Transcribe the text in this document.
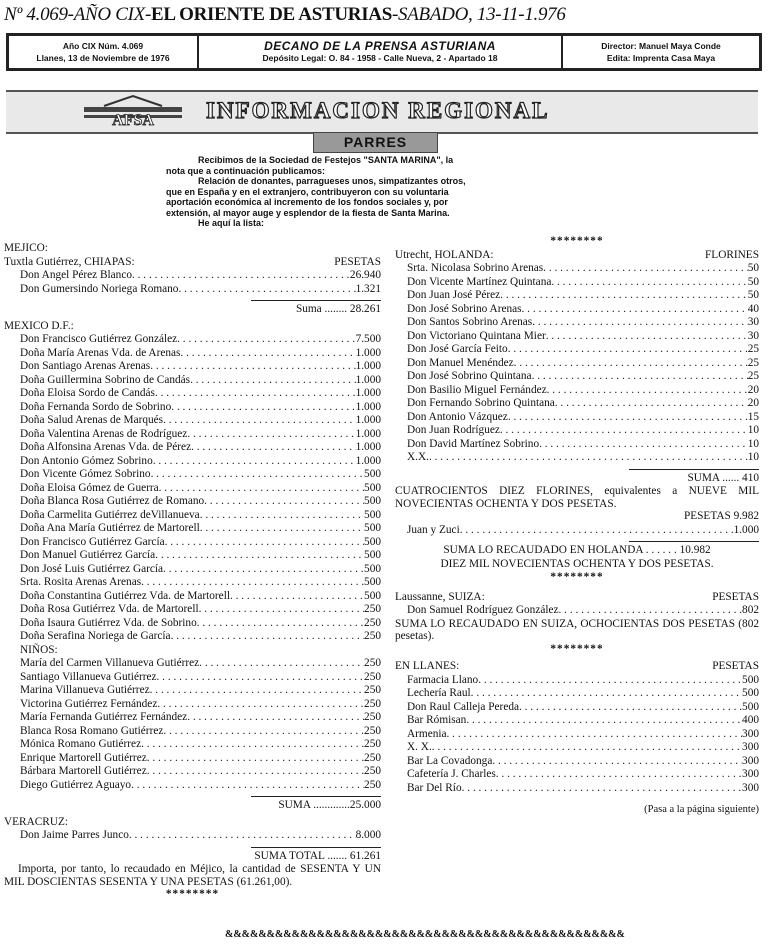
Nº 4.069-AÑO CIX-EL ORIENTE DE ASTURIAS-SABADO, 13-11-1.976
Año CIX Núm. 4.069
Llanes, 13 de Noviembre de 1976
DECANO DE LA PRENSA ASTURIANA
Depósito Legal: O. 84 - 1958 - Calle Nueva, 2 - Apartado 18
Director: Manuel Maya Conde
Edita: Imprenta Casa Maya
AFSA INFORMACION REGIONAL
PARRES
Recibimos de la Sociedad de Festejos "SANTA MARINA", la
nota que a continuación publicamos:
Relación de donantes, parragueses unos, simpatizantes otros,
que en España y en el extranjero, contribuyeron con su voluntaria
aportación económica al incremento de los fondos sociales y, por
extensión, al mayor auge y esplendor de la fiesta de Santa Marina.
He aquí la lista:
MEJICO:
Tuxtla Gutiérrez, CHIAPAS:	PESETAS
Don Angel Pérez Blanco . . .	26.940
Don Gumersindo Noriega Romano . . .	1.321
Suma ........ 28.261
MEXICO D.F.:
Don Francisco Gutiérrez González . . .	7.500
Doña María Arenas Vda. de Arenas . . .	1.000
Don Santiago Arenas Arenas . . .	1.000
Doña Guillermina Sobrino de Candás . . .	1.000
Doña Eloisa Sordo de Candás . . .	1.000
Doña Fernanda Sordo de Sobrino . . .	1.000
Doña Salud Arenas de Marqués . . .	1.000
Doña Valentina Arenas de Rodríguez . . .	1.000
Doña Alfonsina Arenas Vda. de Pérez . . .	1.000
Don Antonio Gómez Sobrino . . .	1.000
Don Vicente Gómez Sobrino . . .	500
Doña Eloisa Gómez de Guerra . . .	500
Doña Blanca Rosa Gutiérrez de Romano . . .	500
Doña Carmelita Gutiérrez deVillanueva . . .	500
Doña Ana María Gutiérrez de Martorell . . .	500
Don Francisco Gutiérrez García . . .	500
Don Manuel Gutiérrez García . . .	500
Don José Luis Gutiérrez García . . .	500
Srta. Rosita Arenas Arenas . . .	500
Doña Constantina Gutiérrez Vda. de Martorell . . .	500
Doña Rosa Gutiérrez Vda. de Martorell . . .	250
Doña Isaura Gutiérrez Vda. de Sobrino . . .	250
Doña Serafina Noriega de García . . .	250
NIÑOS:
María del Carmen Villanueva Gutiérrez . . .	250
Santiago Villanueva Gutiérrez . . .	250
Marina Villanueva Gutiérrez . . .	250
Victorina Gutiérrez Fernández . . .	250
María Fernanda Gutiérrez Fernández . . .	250
Blanca Rosa Romano Gutiérrez . . .	250
Mónica Romano Gutiérrez . . .	250
Enrique Martorell Gutiérrez . . .	250
Bárbara Martorell Gutiérrez . . .	250
Diego Gutiérrez Aguayo . . .	250
SUMA .............25.000
VERACRUZ:
Don Jaime Parres Junco . . .	8.000
SUMA TOTAL ....... 61.261
Importa, por tanto, lo recaudado en Méjico, la cantidad de SESENTA Y UN MIL DOSCIENTAS SESENTA Y UNA PESETAS (61.261,00).
********
********
Utrecht, HOLANDA:	FLORINES
Srta. Nicolasa Sobrino Arenas . . .	50
Don Vicente Martínez Quintana . . .	50
Don Juan José Pérez . . .	50
Don José Sobrino Arenas . . .	40
Don Santos Sobrino Arenas . . .	30
Don Victoriano Quintana Mier . . .	30
Don José García Feito . . .	25
Don Manuel Menéndez . . .	25
Don José Sobrino Quintana . . .	25
Don Basilio Miguel Fernández . . .	20
Don Fernando Sobrino Quintana . . .	20
Don Antonio Vázquez . . .	15
Don Juan Rodríguez . . .	10
Don David Martínez Sobrino . . .	10
X.X. . . .	10
SUMA ...... 410
CUATROCIENTOS DIEZ FLORINES, equivalentes a NUEVE MIL NOVECIENTAS OCHENTA Y DOS PESETAS.
PESETAS 9.982
Juan y Zuci . . .	1.000
SUMA LO RECAUDADO EN HOLANDA . . . . . . 10.982
DIEZ MIL NOVECIENTAS OCHENTA Y DOS PESETAS.
********
Laussanne, SUIZA:	PESETAS
Don Samuel Rodríguez González . . .	802
SUMA LO RECAUDADO EN SUIZA, OCHOCIENTAS DOS PESETAS (802 pesetas).
********
EN LLANES:	PESETAS
Farmacia Llano . . .	500
Lechería Raul . . .	500
Don Raul Calleja Pereda . . .	500
Bar Rómisan . . .	400
Armenia . . .	300
X. X. . . .	300
Bar La Covadonga . . .	300
Cafetería J. Charles . . .	300
Bar Del Río . . .	300
(Pasa a la página siguiente)
&&&&&&&&&&&&&&&&&&&&&&&&&&&&&&&&&&&&&&&&&&&&&&&&
